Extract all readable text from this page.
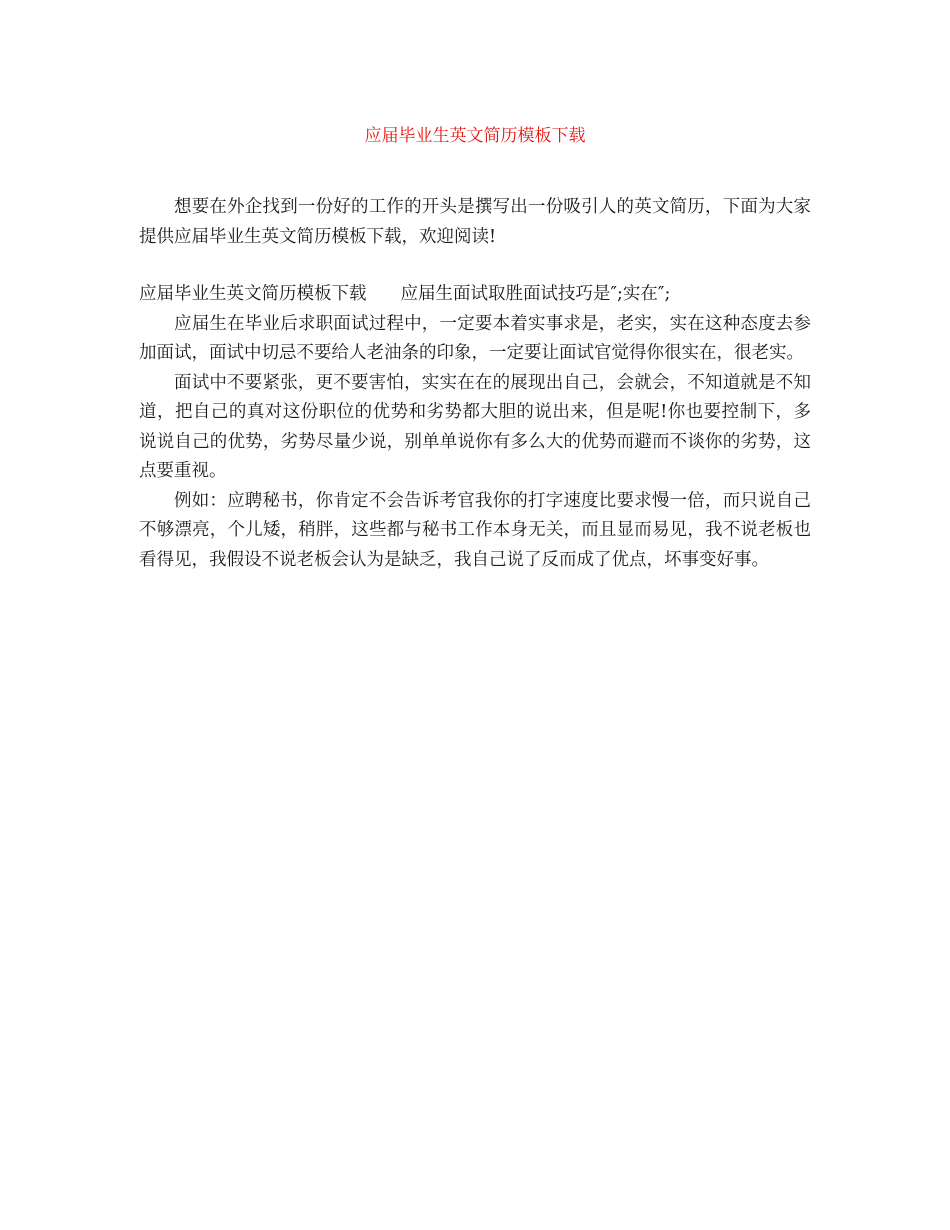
应届毕业生英文简历模板下载

想要在外企找到一份好的工作的开头是撰写出一份吸引人的英文简历，下面为大家提供应届毕业生英文简历模板下载，欢迎阅读!

应届毕业生英文简历模板下载 应届生面试取胜面试技巧是″;实在″;

应届生在毕业后求职面试过程中，一定要本着实事求是，老实，实在这种态度去参加面试，面试中切忌不要给人老油条的印象，一定要让面试官觉得你很实在，很老实。

面试中不要紧张，更不要害怕，实实在在的展现出自己，会就会，不知道就是不知道，把自己的真对这份职位的优势和劣势都大胆的说出来，但是呢!你也要控制下，多说说自己的优势，劣势尽量少说，别单单说你有多么大的优势而避而不谈你的劣势，这点要重视。

例如：应聘秘书，你肯定不会告诉考官我你的打字速度比要求慢一倍，而只说自己不够漂亮，个儿矮，稍胖，这些都与秘书工作本身无关，而且显而易见，我不说老板也看得见，我假设不说老板会认为是缺乏，我自己说了反而成了优点，坏事变好事。
